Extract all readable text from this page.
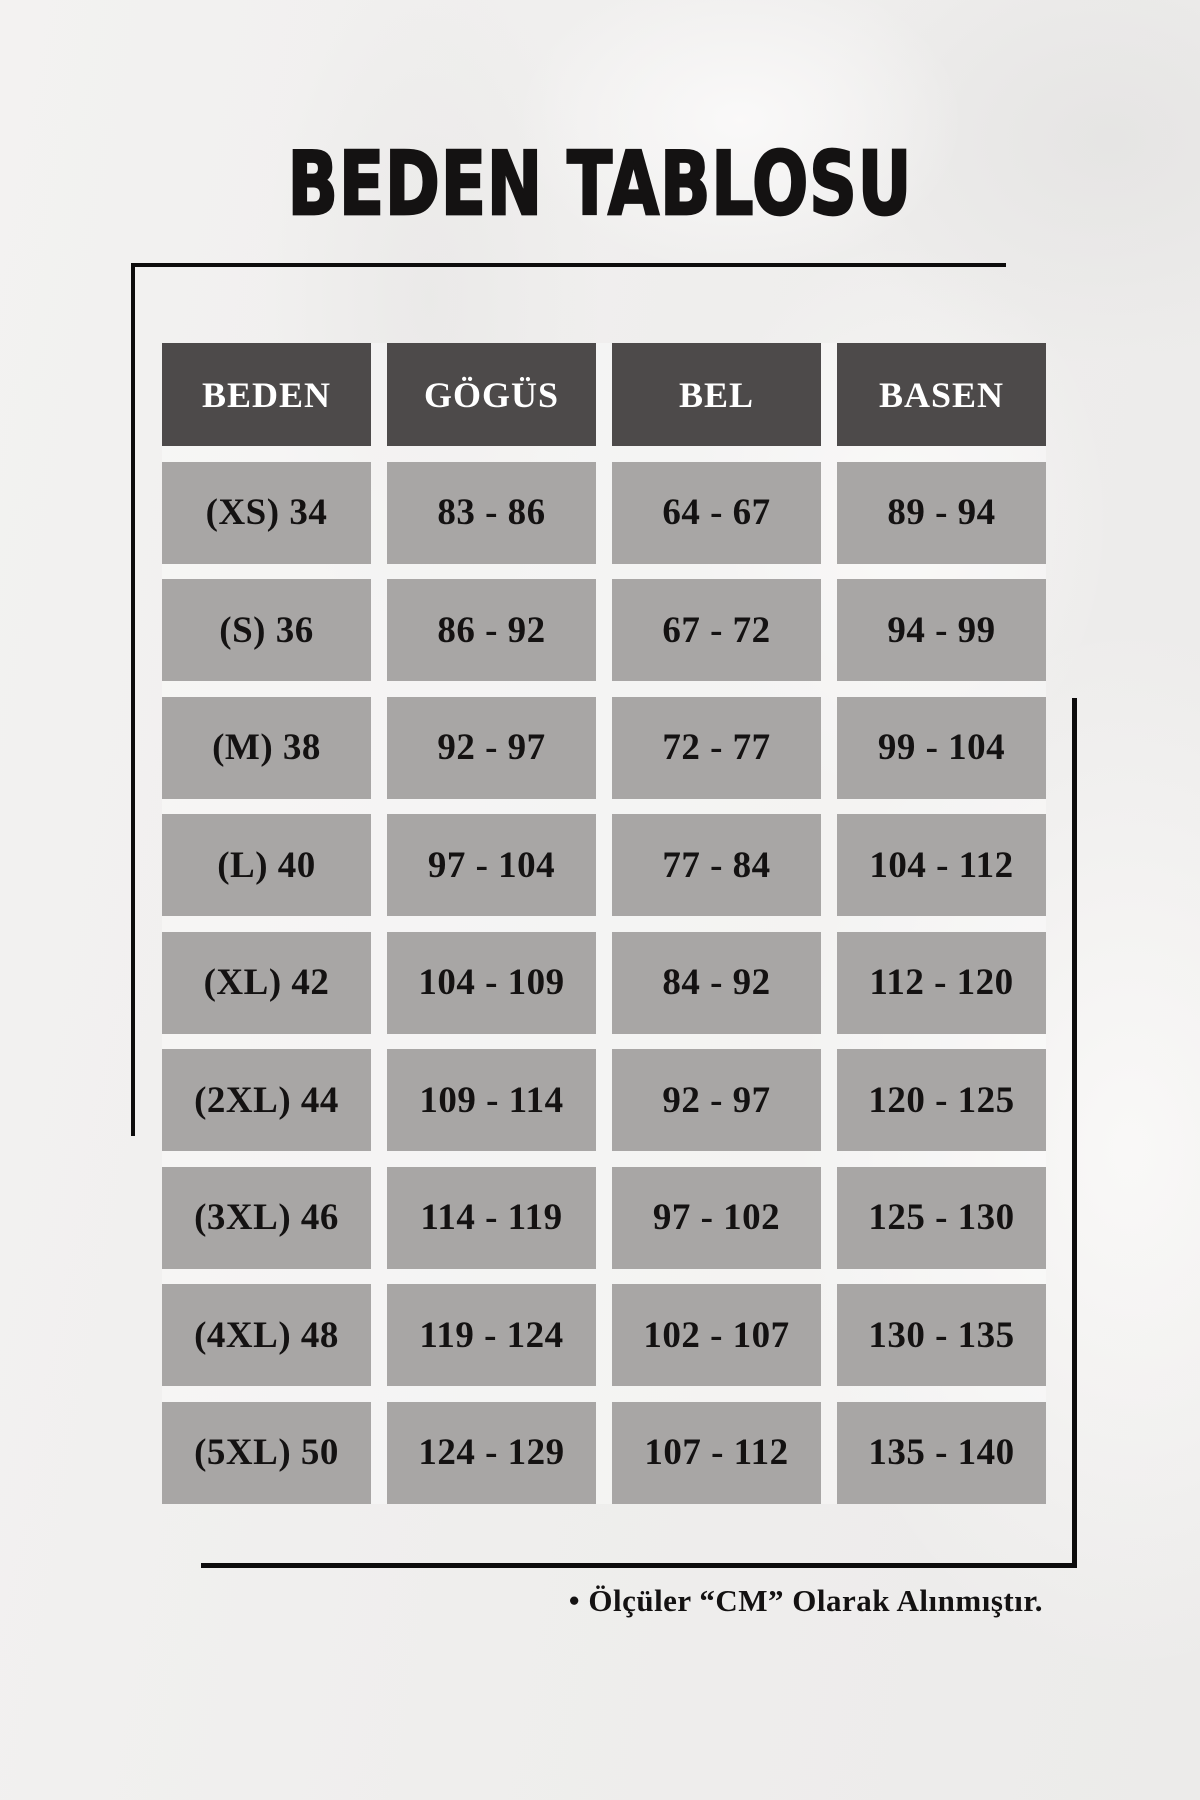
BEDEN TABLOSU
BEDEN	GÖGÜS	BEL	BASEN
(XS) 34	83 - 86	64 - 67	89 - 94
(S) 36	86 - 92	67 - 72	94 - 99
(M) 38	92 - 97	72 - 77	99 - 104
(L) 40	97 - 104	77 - 84	104 - 112
(XL) 42	104 - 109	84 - 92	112 - 120
(2XL) 44	109 - 114	92 - 97	120 - 125
(3XL) 46	114 - 119	97 - 102	125 - 130
(4XL) 48	119 - 124	102 - 107	130 - 135
(5XL) 50	124 - 129	107 - 112	135 - 140
• Ölçüler “CM” Olarak Alınmıştır.
